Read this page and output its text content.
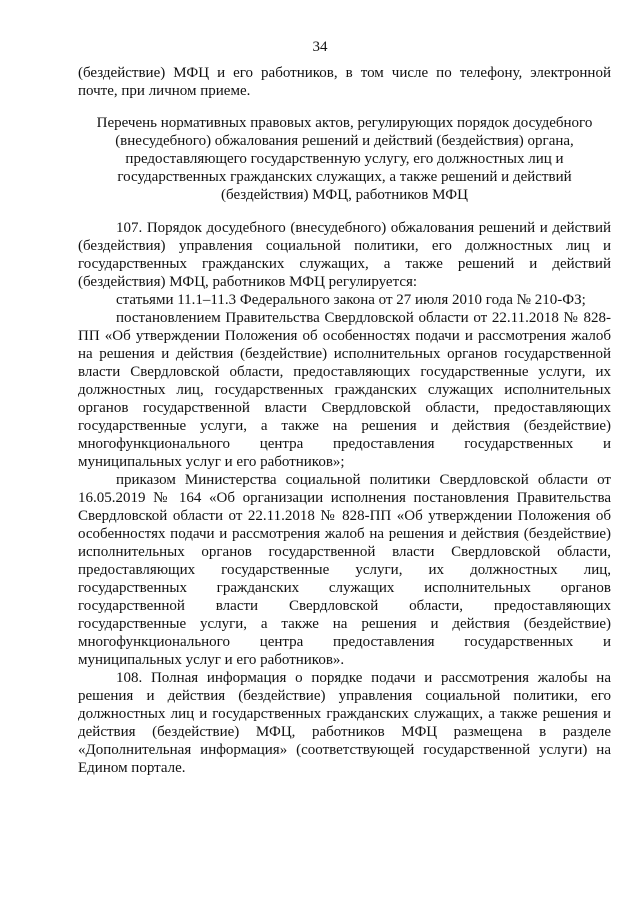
34

(бездействие) МФЦ и его работников, в том числе по телефону, электронной почте, при личном приеме.

Перечень нормативных правовых актов, регулирующих порядок досудебного (внесудебного) обжалования решений и действий (бездействия) органа, предоставляющего государственную услугу, его должностных лиц и государственных гражданских служащих, а также решений и действий (бездействия) МФЦ, работников МФЦ

107. Порядок досудебного (внесудебного) обжалования решений и действий (бездействия) управления социальной политики, его должностных лиц и государственных гражданских служащих, а также решений и действий (бездействия) МФЦ, работников МФЦ регулируется:

статьями 11.1–11.3 Федерального закона от 27 июля 2010 года № 210-ФЗ;

постановлением Правительства Свердловской области от 22.11.2018 № 828-ПП «Об утверждении Положения об особенностях подачи и рассмотрения жалоб на решения и действия (бездействие) исполнительных органов государственной власти Свердловской области, предоставляющих государственные услуги, их должностных лиц, государственных гражданских служащих исполнительных органов государственной власти Свердловской области, предоставляющих государственные услуги, а также на решения и действия (бездействие) многофункционального центра предоставления государственных и муниципальных услуг и его работников»;

приказом Министерства социальной политики Свердловской области от 16.05.2019 № 164 «Об организации исполнения постановления Правительства Свердловской области от 22.11.2018 № 828-ПП «Об утверждении Положения об особенностях подачи и рассмотрения жалоб на решения и действия (бездействие) исполнительных органов государственной власти Свердловской области, предоставляющих государственные услуги, их должностных лиц, государственных гражданских служащих исполнительных органов государственной власти Свердловской области, предоставляющих государственные услуги, а также на решения и действия (бездействие) многофункционального центра предоставления государственных и муниципальных услуг и его работников».

108. Полная информация о порядке подачи и рассмотрения жалобы на решения и действия (бездействие) управления социальной политики, его должностных лиц и государственных гражданских служащих, а также решения и действия (бездействие) МФЦ, работников МФЦ размещена в разделе «Дополнительная информация» (соответствующей государственной услуги) на Едином портале.
